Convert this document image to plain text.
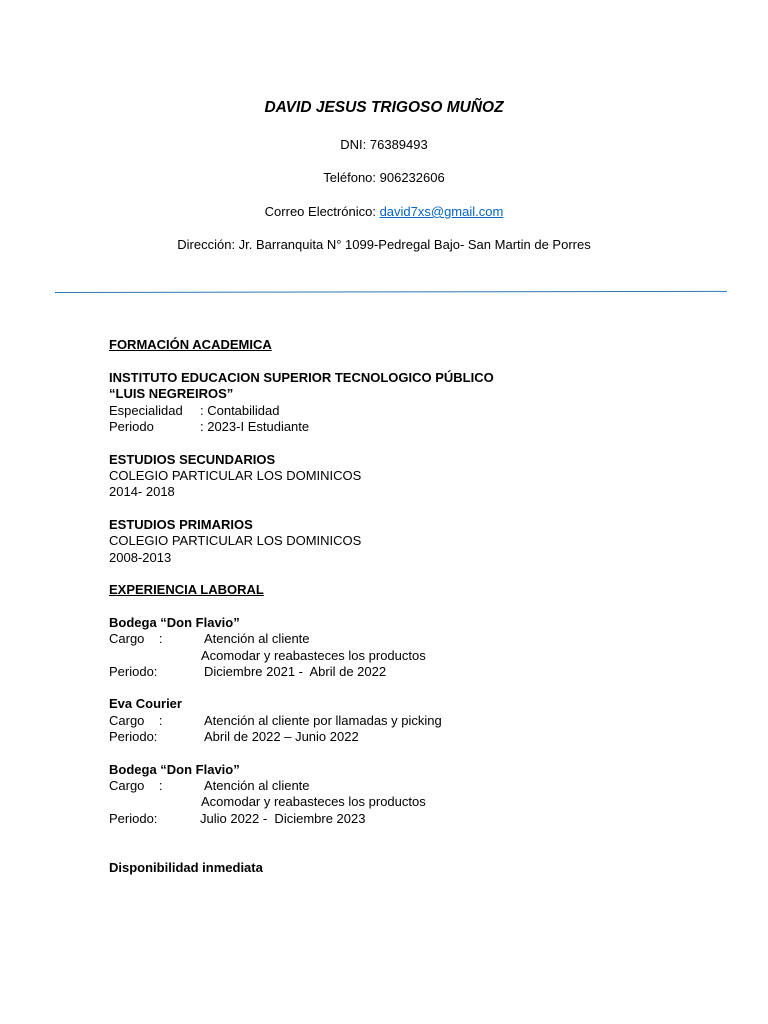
DAVID JESUS TRIGOSO MUÑOZ
DNI: 76389493
Teléfono: 906232606
Correo Electrónico: david7xs@gmail.com
Dirección: Jr. Barranquita N° 1099-Pedregal Bajo- San Martin de Porres
FORMACIÓN ACADEMICA
INSTITUTO EDUCACION SUPERIOR TECNOLOGICO PÚBLICO
“LUIS NEGREIROS”
Especialidad : Contabilidad
Periodo	: 2023-I Estudiante
ESTUDIOS SECUNDARIOS
COLEGIO PARTICULAR LOS DOMINICOS
2014- 2018
ESTUDIOS PRIMARIOS
COLEGIO PARTICULAR LOS DOMINICOS
2008-2013
EXPERIENCIA LABORAL
Bodega “Don Flavio”
Cargo    :	Atención al cliente
Acomodar y reabasteces los productos
Periodo:	Diciembre 2021 -  Abril de 2022
Eva Courier
Cargo    :	Atención al cliente por llamadas y picking
Periodo:	Abril de 2022 – Junio 2022
Bodega “Don Flavio”
Cargo    :	Atención al cliente
Acomodar y reabasteces los productos
Periodo:	Julio 2022 -  Diciembre 2023
Disponibilidad inmediata
